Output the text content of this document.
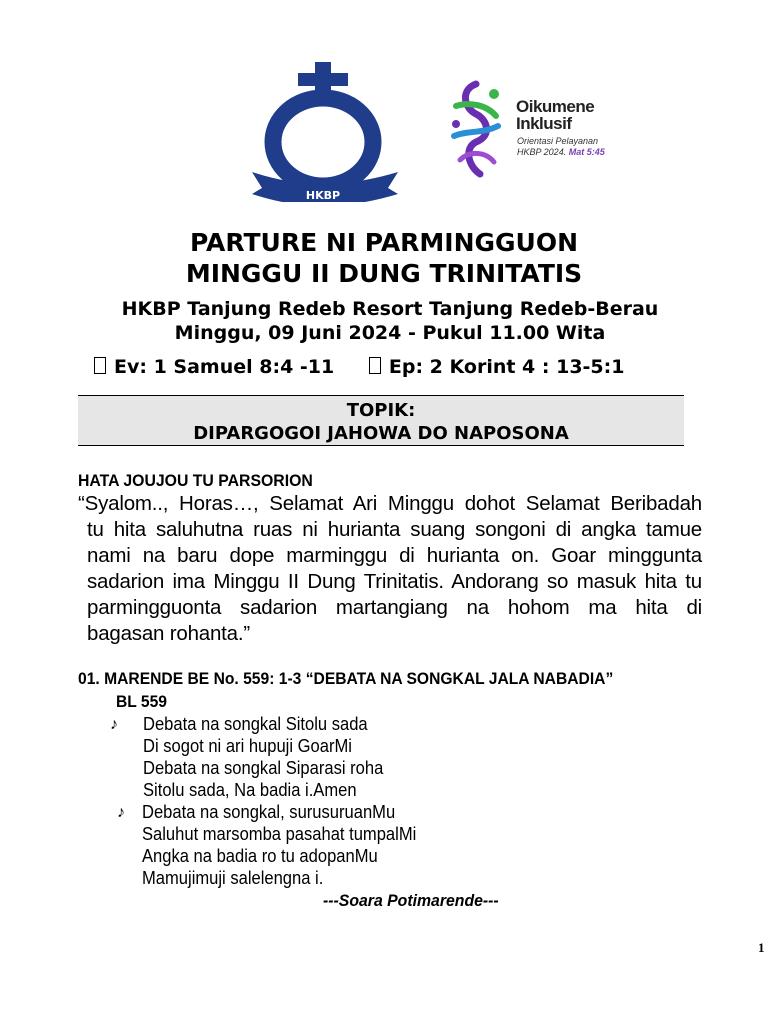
HKBP
Oikumene
Inklusif
Orientasi Pelayanan
HKBP 2024. Mat 5:45
PARTURE NI PARMINGGUON
MINGGU II DUNG TRINITATIS
HKBP Tanjung Redeb Resort Tanjung Redeb-Berau
Minggu, 09 Juni 2024 - Pukul 11.00 Wita
Ev: 1 Samuel 8:4 -11	Ep: 2 Korint 4 : 13-5:1
TOPIK:
DIPARGOGOI JAHOWA DO NAPOSONA
HATA JOUJOU TU PARSORION
“Syalom.., Horas…, Selamat Ari Minggu dohot Selamat Beribadah
tu hita saluhutna ruas ni hurianta suang songoni di angka tamue
nami na baru dope marminggu di hurianta on. Goar mingguntа
sadarion ima Minggu II Dung Trinitatis. Andorang so masuk hita tu
parmingguonta sadarion martangiang na hohom ma hita di
bagasan rohanta.”
01. MARENDE BE No. 559: 1-3 “DEBATA NA SONGKAL JALA NABADIA”
BL 559
♪ Debata na songkal Sitolu sada
Di sogot ni ari hupuji GoarMi
Debata na songkal Siparasi roha
Sitolu sada, Na badia i.Amen
♪ Debata na songkal, surusuruanMu
Saluhut marsomba pasahat tumpalMi
Angka na badia ro tu adopanMu
Mamujimuji salelengna i.
---Soara Potimarende---
1
